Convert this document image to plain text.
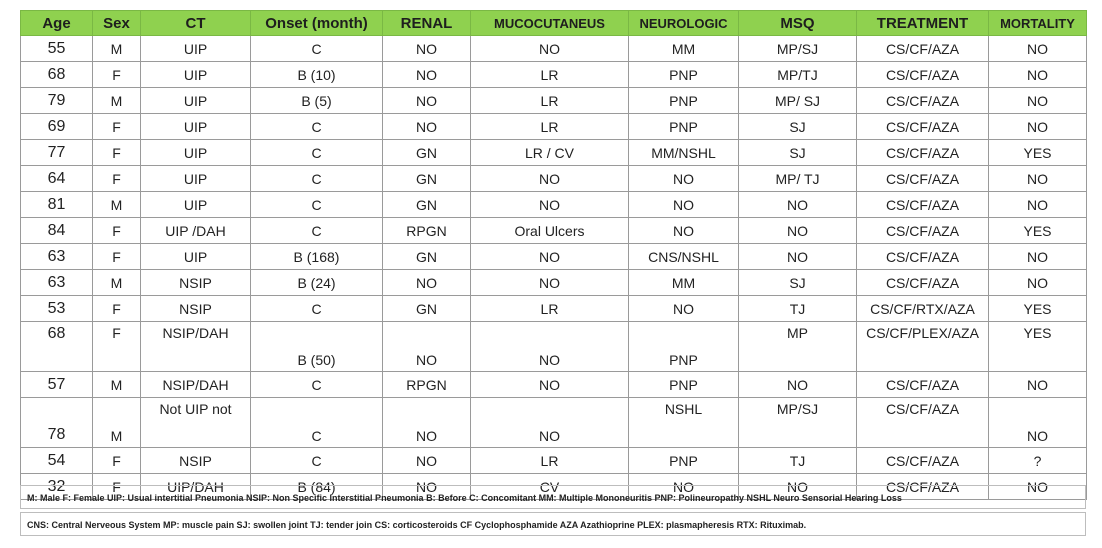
Age	Sex	CT	Onset (month)	RENAL	MUCOCUTANEUS	NEUROLOGIC	MSQ	TREATMENT	MORTALITY
55	M	UIP	C	NO	NO	MM	MP/SJ	CS/CF/AZA	NO
68	F	UIP	B (10)	NO	LR	PNP	MP/TJ	CS/CF/AZA	NO
79	M	UIP	B (5)	NO	LR	PNP	MP/ SJ	CS/CF/AZA	NO
69	F	UIP	C	NO	LR	PNP	SJ	CS/CF/AZA	NO
77	F	UIP	C	GN	LR / CV	MM/NSHL	SJ	CS/CF/AZA	YES
64	F	UIP	C	GN	NO	NO	MP/ TJ	CS/CF/AZA	NO
81	M	UIP	C	GN	NO	NO	NO	CS/CF/AZA	NO
84	F	UIP /DAH	C	RPGN	Oral Ulcers	NO	NO	CS/CF/AZA	YES
63	F	UIP	B (168)	GN	NO	CNS/NSHL	NO	CS/CF/AZA	NO
63	M	NSIP	B (24)	NO	NO	MM	SJ	CS/CF/AZA	NO
53	F	NSIP	C	GN	LR	NO	TJ	CS/CF/RTX/AZA	YES
68	F	NSIP/DAH	B (50)	NO	NO	PNP	MP	CS/CF/PLEX/AZA	YES
57	M	NSIP/DAH	C	RPGN	NO	PNP	NO	CS/CF/AZA	NO
78	M	Not UIP not	C	NO	NO	NSHL	MP/SJ	CS/CF/AZA	NO
54	F	NSIP	C	NO	LR	PNP	TJ	CS/CF/AZA	?
32	F	UIP/DAH	B (84)	NO	CV	NO	NO	CS/CF/AZA	NO
M: Male F: Female UIP: Usual intertitial Pneumonia NSIP: Non Specific Interstitial Pneumonia B: Before C: Concomitant MM: Multiple Mononeuritis PNP: Polineuropathy NSHL Neuro Sensorial Hearing Loss
CNS: Central Nerveous System MP: muscle pain SJ: swollen joint TJ: tender join CS: corticosteroids CF Cyclophosphamide AZA Azathioprine PLEX: plasmapheresis RTX: Rituximab.
